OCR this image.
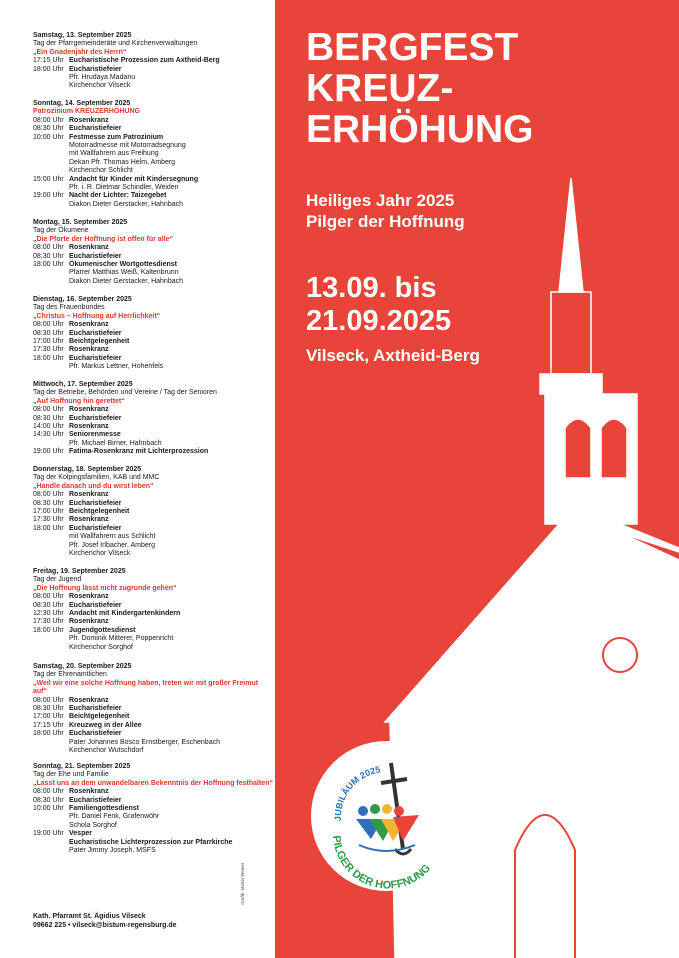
Samstag, 13. September 2025
Tag der Pfarrgemeinderäte und Kirchenverwaltungen
„Ein Gnadenjahr des Herrn“
17:15 Uhr Eucharistische Prozession zum Axtheid-Berg
18:00 Uhr Eucharistiefeier
Pfr. Hrudaya Madanu
Kirchenchor Vilseck
Sonntag, 14. September 2025
Patrozinium KREUZERHÖHUNG
08:00 Uhr Rosenkranz
08:30 Uhr Eucharistiefeier
10:00 Uhr Festmesse zum Patrozinium
Motorradmesse mit Motorradsegnung
mit Wallfahrern aus Freihung
Dekan Pfr. Thomas Helm, Amberg
Kirchenchor Schlicht
15:00 Uhr Andacht für Kinder mit Kindersegnung
Pfr. i. R. Dietmar Schindler, Weiden
19:00 Uhr Nacht der Lichter: Taizegebet
Diakon Dieter Gerstacker, Hahnbach
Montag, 15. September 2025
Tag der Ökumene
„Die Pforte der Hoffnung ist offen für alle“
08:00 Uhr Rosenkranz
08:30 Uhr Eucharistiefeier
18:00 Uhr Ökumenischer Wortgottesdienst
Pfarrer Matthias Weiß, Kaltenbrunn
Diakon Dieter Gerstacker, Hahnbach
Dienstag, 16. September 2025
Tag des Frauenbundes
„Christus – Hoffnung auf Herrlichkeit“
08:00 Uhr Rosenkranz
08:30 Uhr Eucharistiefeier
17:00 Uhr Beichtgelegenheit
17:30 Uhr Rosenkranz
18:00 Uhr Eucharistiefeier
Pfr. Markus Lettner, Hohenfels
Mittwoch, 17. September 2025
Tag der Betriebe, Behörden und Vereine / Tag der Senioren
„Auf Hoffnung hin gerettet“
08:00 Uhr Rosenkranz
08:30 Uhr Eucharistiefeier
14:00 Uhr Rosenkranz
14:30 Uhr Seniorenmesse
Pfr. Michael Birner, Hahnbach
19:00 Uhr Fatima-Rosenkranz mit Lichterprozession
Donnerstag, 18. September 2025
Tag der Kolpingsfamilien, KAB und MMC
„Handle danach und du wirst leben“
08:00 Uhr Rosenkranz
08:30 Uhr Eucharistiefeier
17:00 Uhr Beichtgelegenheit
17:30 Uhr Rosenkranz
18:00 Uhr Eucharistiefeier
mit Wallfahrern aus Schlicht
Pfr. Josef Irlbacher, Amberg
Kirchenchor Vilseck
Freitag, 19. September 2025
Tag der Jugend
„Die Hoffnung lässt nicht zugrunde gehen“
08:00 Uhr Rosenkranz
08:30 Uhr Eucharistiefeier
12:30 Uhr Andacht mit Kindergartenkindern
17:30 Uhr Rosenkranz
18:00 Uhr Jugendgottesdienst
Pfr. Dominik Mitterer, Poppenricht
Kirchenchor Sorghof
Samstag, 20. September 2025
Tag der Ehrenamtlichen
„Weil wir eine solche Hoffnung haben, treten wir mit großer Freimut auf“
08:00 Uhr Rosenkranz
08:30 Uhr Eucharistiefeier
17:00 Uhr Beichtgelegenheit
17:15 Uhr Kreuzweg in der Allee
18:00 Uhr Eucharistiefeier
Pater Johannes Bosco Ernstberger, Eschenbach
Kirchenchor Wutschdorf
Sonntag, 21. September 2025
Tag der Ehe und Familie
„Lasst uns an dem unwandelbaren Bekenntnis der Hoffnung festhalten“
08:00 Uhr Rosenkranz
08:30 Uhr Eucharistiefeier
10:00 Uhr Familiengottesdienst
Pfr. Daniel Fenk, Grafenwöhr
Schola Sorghof
19:00 Uhr Vesper
Eucharistische Lichterprozession zur Pfarrkirche
Pater Jimmy Joseph, MSFS
Grafik: Martin Weiner
Kath. Pfarramt St. Ägidius Vilseck
09662 225 • vilseck@bistum-regensburg.de
BERGFEST
KREUZ-
ERHÖHUNG
Heiliges Jahr 2025
Pilger der Hoffnung
13.09. bis
21.09.2025
Vilseck, Axtheid-Berg
JUBILÄUM 2025
PILGER DER HOFFNUNG
